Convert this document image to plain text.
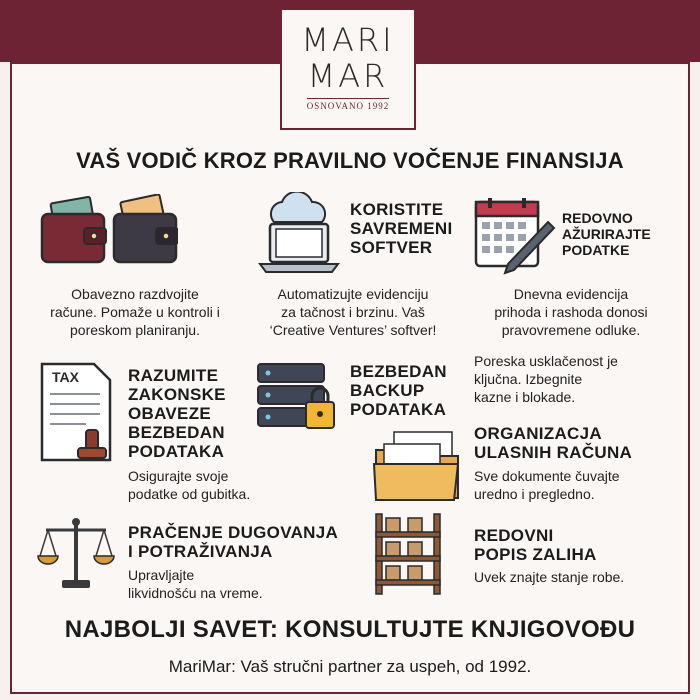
MARI
MAR
OSNOVANO 1992
VAŠ VODIČ KROZ PRAVILNO VOČENJE FINANSIJA
Obavezno razdvojite
račune. Pomaže u kontroli i
poreskom planiranju.
KORISTITE
SAVREMENI
SOFTVER
Automatizujte evidenciju
za tačnost i brzinu. Vaš
‘Creative Ventures’ softver!
REDOVNO
AŽURIRAJTE
PODATKE
Dnevna evidencija
prihoda i rashoda donosi
pravovremene odluke.
TAX	RAZUMITE
ZAKONSKE
OBAVEZE
BEZBEDAN
PODATAKA
Osigurajte svoje
podatke od gubitka.
BEZBEDAN
BACKUP
PODATAKA
Poreska usklačenost je
ključna. Izbegnite
kazne i blokade.
ORGANIZACJA
ULASNIH RAČUNA
Sve dokumente čuvajte
uredno i pregledno.
PRAČENJE DUGOVANJA
I POTRAŽIVANJA
Upravljajte
likvidnošću na vreme.
REDOVNI
POPIS ZALIHA
Uvek znajte stanje robe.
NAJBOLJI SAVET: KONSULTUJTE KNJIGOVOĐU
MariMar: Vaš stručni partner za uspeh, od 1992.
